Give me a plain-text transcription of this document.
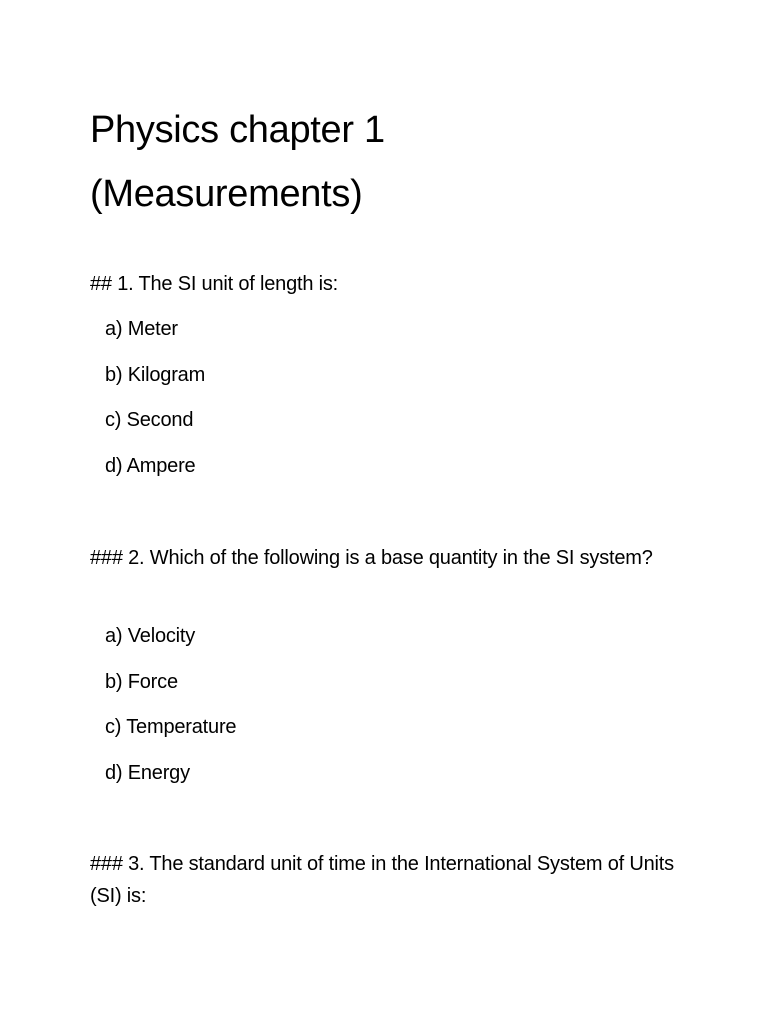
Physics chapter 1
(Measurements)

## 1. The SI unit of length is:

a) Meter

b) Kilogram

c) Second

d) Ampere

### 2. Which of the following is a base quantity in the SI system?

a) Velocity

b) Force

c) Temperature

d) Energy

### 3. The standard unit of time in the International System of Units (SI) is:
